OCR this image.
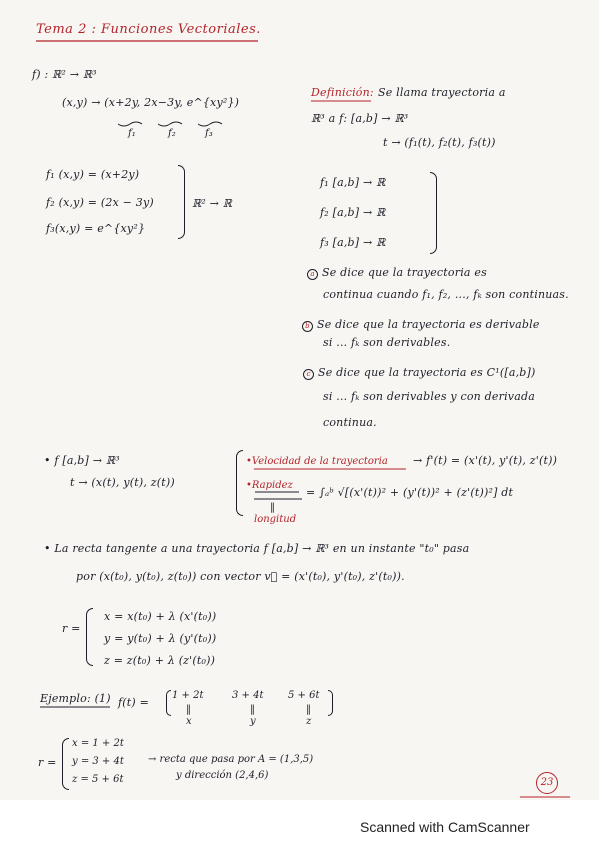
Tema 2 : Funciones Vectoriales.
f) : ℝ² → ℝ³
(x,y) → (x+2y, 2x−3y, e^{xy²})
f₁	f₂	f₃
f₁ (x,y) = (x+2y)
f₂ (x,y) = (2x − 3y)
f₃(x,y) = e^{xy²}
ℝ² → ℝ
Definición: Se llama trayectoria a
ℝ³ a f: [a,b] → ℝ³
t → (f₁(t), f₂(t), f₃(t))
f₁ [a,b] → ℝ
f₂ [a,b] → ℝ
f₃ [a,b] → ℝ
a Se dice que la trayectoria es
continua cuando f₁, f₂, ..., fₖ son continuas.
b Se dice que la trayectoria es derivable
si ... fₖ son derivables.
c Se dice que la trayectoria es C¹([a,b])
si ... fₖ son derivables y con derivada
continua.
• f [a,b] → ℝ³
t → (x(t), y(t), z(t))
•Velocidad de la trayectoria → f'(t) = (x'(t), y'(t), z'(t))
•Rapidez
= ∫ₐᵇ √[(x'(t))² + (y'(t))² + (z'(t))²] dt
‖
longitud
• La recta tangente a una trayectoria f [a,b] → ℝ³ en un instante "t₀" pasa
por (x(t₀), y(t₀), z(t₀)) con vector v⃗ = (x'(t₀), y'(t₀), z'(t₀)).
r =
x = x(t₀) + λ (x'(t₀))
y = y(t₀) + λ (y'(t₀))
z = z(t₀) + λ (z'(t₀))
Ejemplo: (1) f(t) =
1 + 2t	3 + 4t 5 + 6t
‖	‖	‖
x	y	z
r =
x = 1 + 2t
y = 3 + 4t
z = 5 + 6t
→ recta que pasa por A = (1,3,5)
y dirección (2,4,6)
23
Scanned with CamScanner
